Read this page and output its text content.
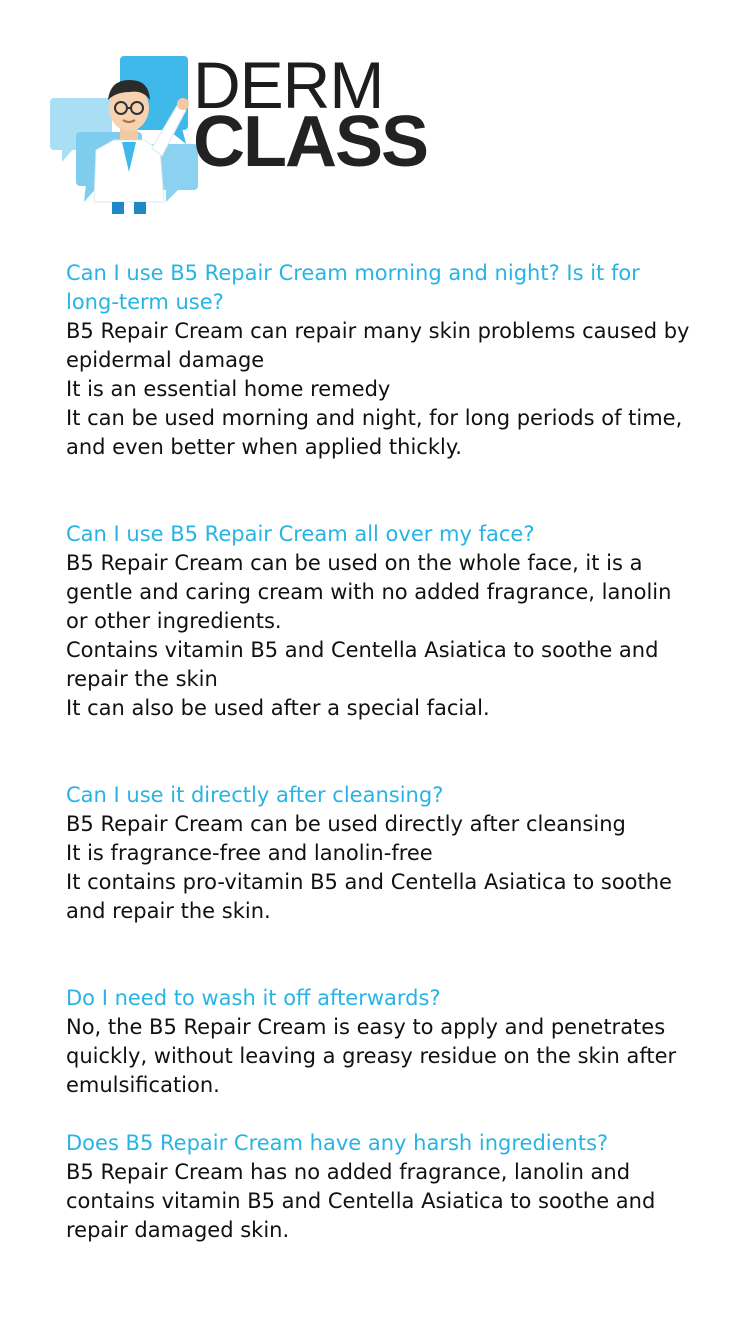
DERM
CLASS

Can I use B5 Repair Cream morning and night? Is it for long-term use?

B5 Repair Cream can repair many skin problems caused by epidermal damage

It is an essential home remedy

It can be used morning and night, for long periods of time, and even better when applied thickly.

Can I use B5 Repair Cream all over my face?

B5 Repair Cream can be used on the whole face, it is a gentle and caring cream with no added fragrance, lanolin or other ingredients.

Contains vitamin B5 and Centella Asiatica to soothe and repair the skin

It can also be used after a special facial.

Can I use it directly after cleansing?

B5 Repair Cream can be used directly after cleansing

It is fragrance-free and lanolin-free

It contains pro-vitamin B5 and Centella Asiatica to soothe and repair the skin.

Do I need to wash it off afterwards?

No, the B5 Repair Cream is easy to apply and penetrates quickly, without leaving a greasy residue on the skin after emulsification.

Does B5 Repair Cream have any harsh ingredients?

B5 Repair Cream has no added fragrance, lanolin and contains vitamin B5 and Centella Asiatica to soothe and repair damaged skin.
